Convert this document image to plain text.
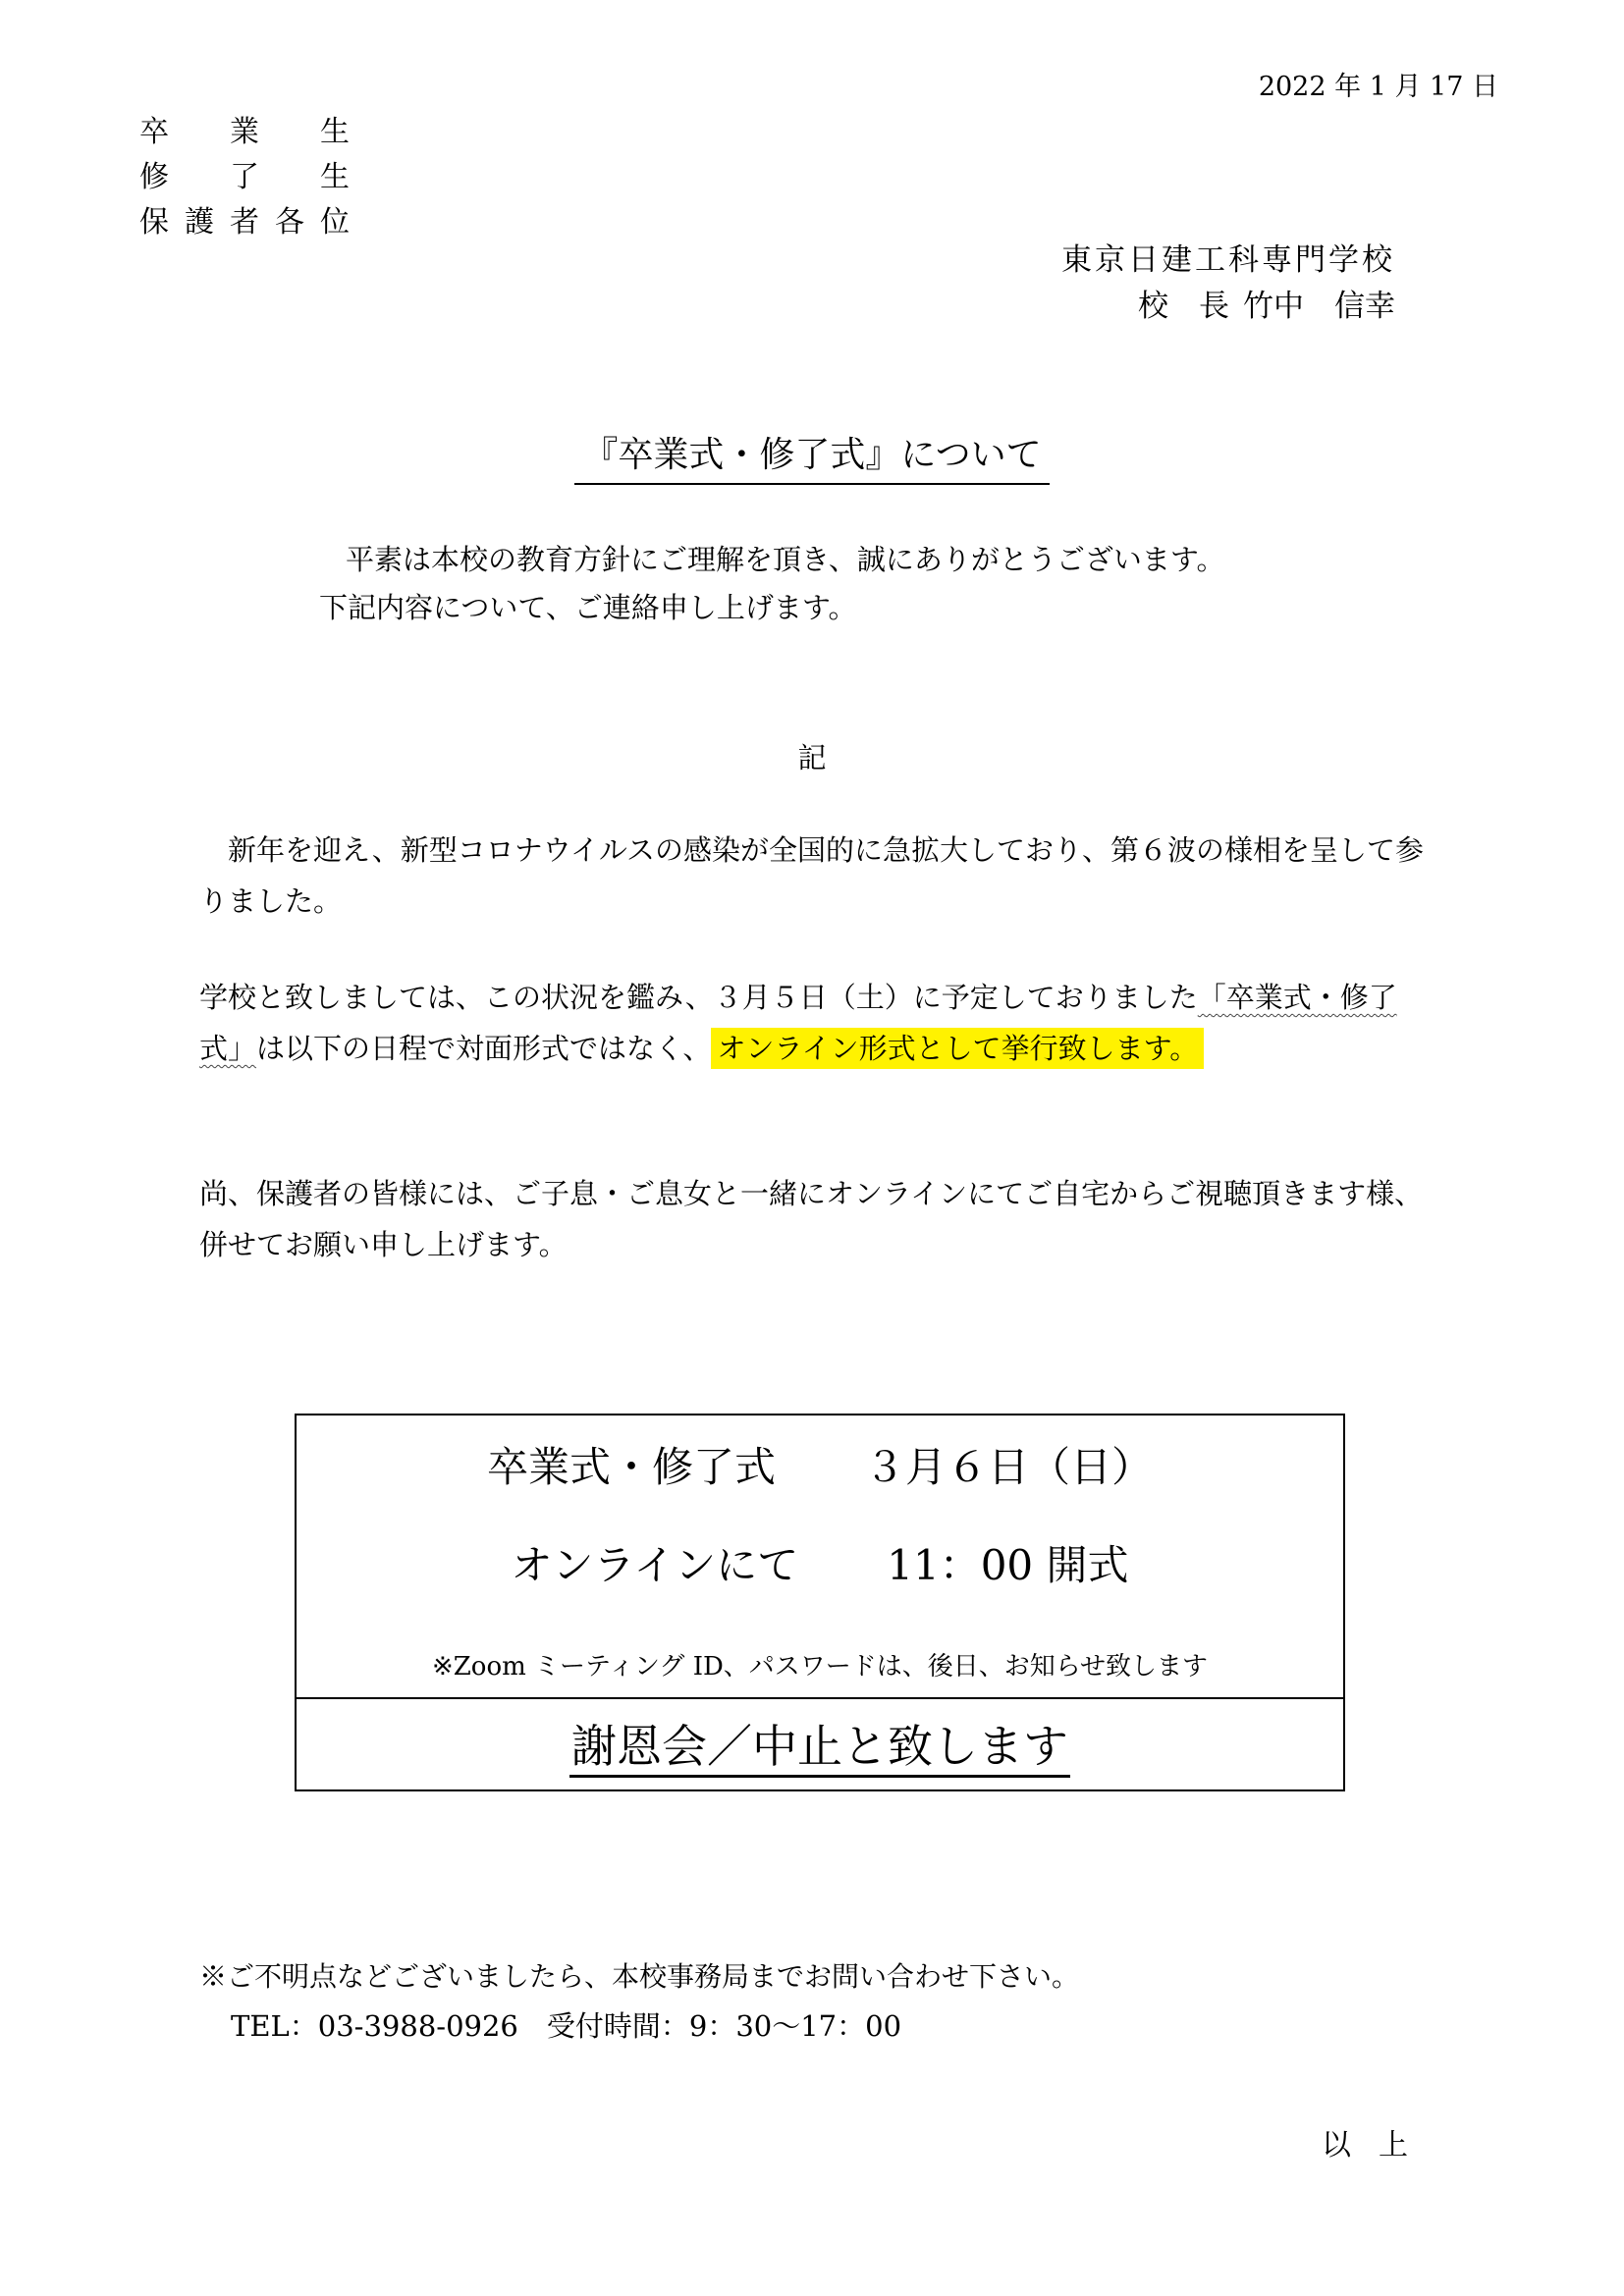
2022 年 1 月 17 日
卒 業 生
修 了 生
保 護 者 各 位
東京日建工科専門学校
校　長 竹中　信幸
『卒業式・修了式』について
平素は本校の教育方針にご理解を頂き、誠にありがとうございます。
下記内容について、ご連絡申し上げます。
記
新年を迎え、新型コロナウイルスの感染が全国的に急拡大しており、第６波の様相を呈して参りました。
学校と致しましては、この状況を鑑み、３月５日（土）に予定しておりました「卒業式・修了式」は以下の日程で対面形式ではなく、 オンライン形式として挙行致します。
尚、保護者の皆様には、ご子息・ご息女と一緒にオンラインにてご自宅からご視聴頂きます様、併せてお願い申し上げます。
卒業式・修了式 ３月６日（日）
オンラインにて 11：00 開式
※Zoom ミーティング ID、パスワードは、後日、お知らせ致します
謝恩会／中止と致します
※ご不明点などございましたら、本校事務局までお問い合わせ下さい。
TEL：03-3988-0926　受付時間：9：30～17：00
以上
